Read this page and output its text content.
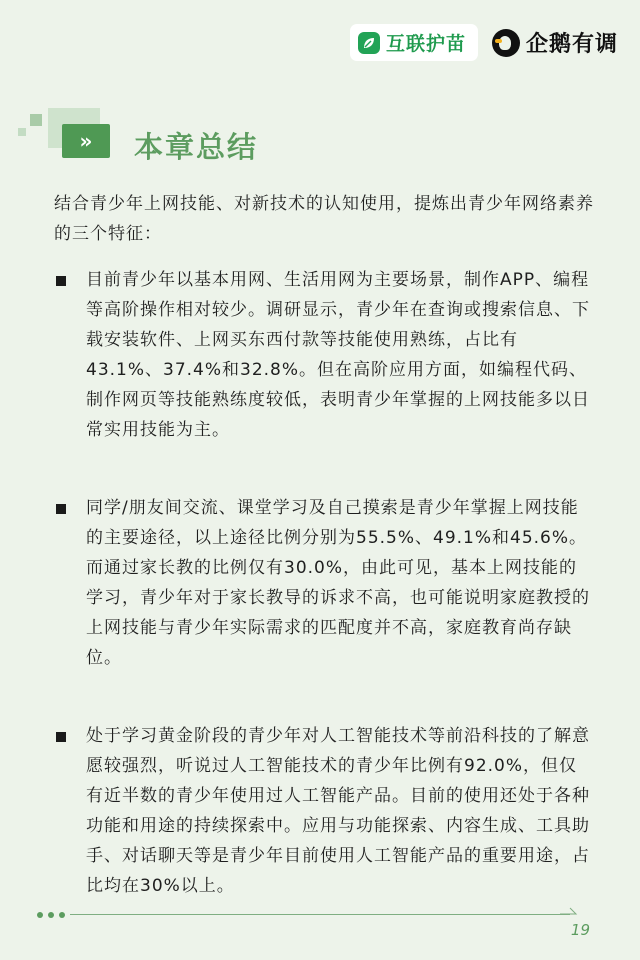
互联护苗	企鹅有调
» 本章总结

结合青少年上网技能、对新技术的认知使用，提炼出青少年网络素养的三个特征：

目前青少年以基本用网、生活用网为主要场景，制作APP、编程等高阶操作相对较少。调研显示，青少年在查询或搜索信息、下载安装软件、上网买东西付款等技能使用熟练，占比有43.1%、37.4%和32.8%。但在高阶应用方面，如编程代码、制作网页等技能熟练度较低，表明青少年掌握的上网技能多以日常实用技能为主。
同学/朋友间交流、课堂学习及自己摸索是青少年掌握上网技能的主要途径，以上途径比例分别为55.5%、49.1%和45.6%。而通过家长教的比例仅有30.0%，由此可见，基本上网技能的学习，青少年对于家长教导的诉求不高，也可能说明家庭教授的上网技能与青少年实际需求的匹配度并不高，家庭教育尚存缺位。
处于学习黄金阶段的青少年对人工智能技术等前沿科技的了解意愿较强烈，听说过人工智能技术的青少年比例有92.0%，但仅有近半数的青少年使用过人工智能产品。目前的使用还处于各种功能和用途的持续探索中。应用与功能探索、内容生成、工具助手、对话聊天等是青少年目前使用人工智能产品的重要用途，占比均在30%以上。
19
